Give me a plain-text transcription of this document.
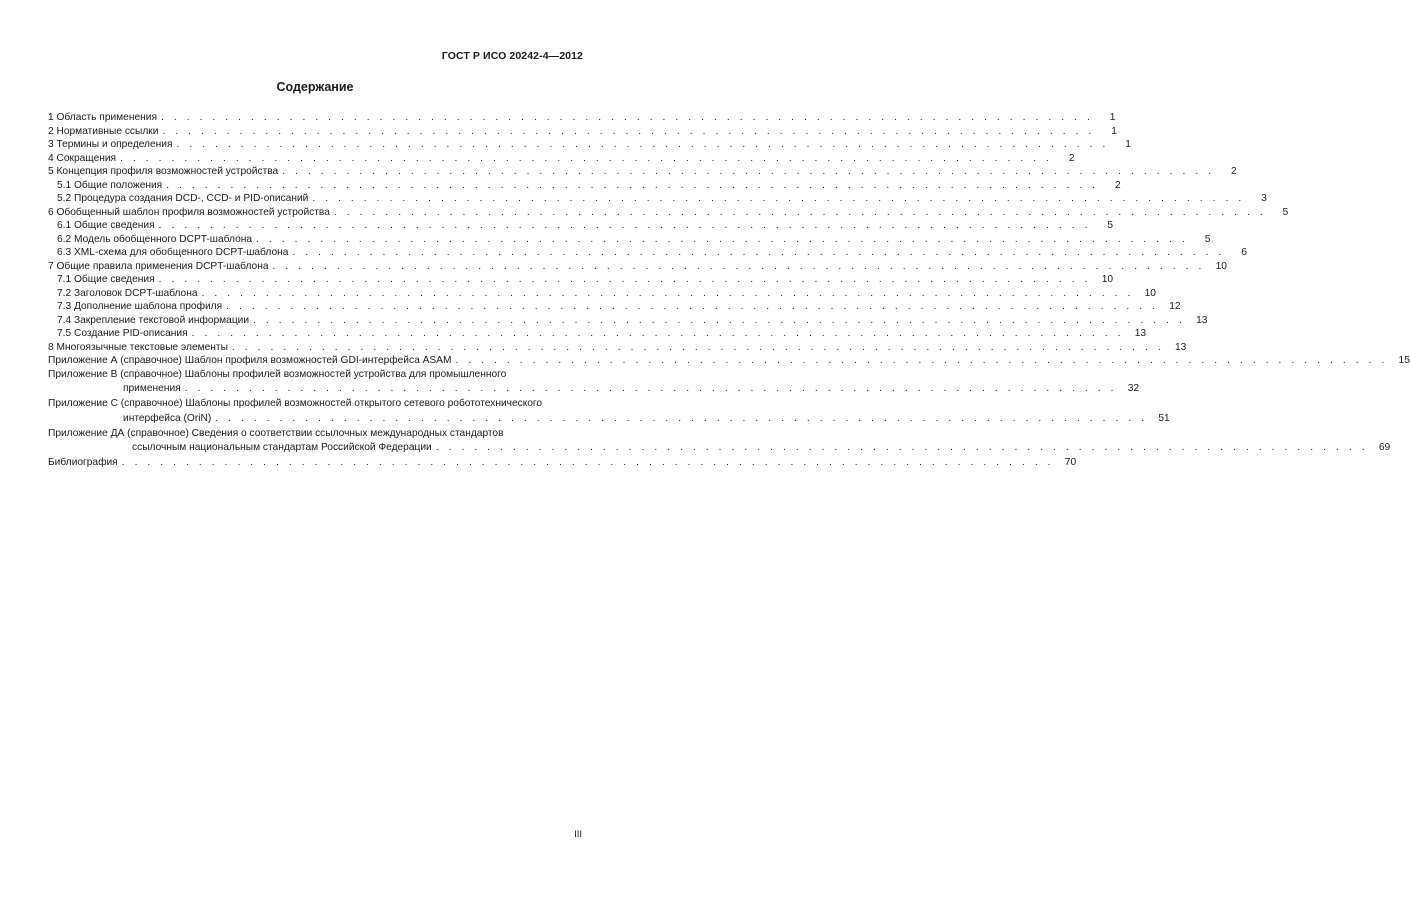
ГОСТ Р ИСО 20242-4—2012
Содержание
1 Область применения . . . . . . . . . . . . . . . . . . . . . . . . . . . . . . . . . . . . . . . . . . . . . . . . . . . . . . . . . . . . . . . . . . . . . . . . .	1
2 Нормативные ссылки . . . . . . . . . . . . . . . . . . . . . . . . . . . . . . . . . . . . . . . . . . . . . . . . . . . . . . . . . . . . . . . . . . . . . . . . .	1
3 Термины и определения . . . . . . . . . . . . . . . . . . . . . . . . . . . . . . . . . . . . . . . . . . . . . . . . . . . . . . . . . . . . . . . . . . . . . . . . .	1
4 Сокращения . . . . . . . . . . . . . . . . . . . . . . . . . . . . . . . . . . . . . . . . . . . . . . . . . . . . . . . . . . . . . . . . . . . . . . . . .	2
5 Концепция профиля возможностей устройства . . . . . . . . . . . . . . . . . . . . . . . . . . . . . . . . . . . . . . . . . . . . . . . . . . . . . . . . . . . . . . . . . . . . . . . . .	2
5.1 Общие положения . . . . . . . . . . . . . . . . . . . . . . . . . . . . . . . . . . . . . . . . . . . . . . . . . . . . . . . . . . . . . . . . . . . . . . . . .	2
5.2 Процедура создания DCD-, CCD- и PID-описаний . . . . . . . . . . . . . . . . . . . . . . . . . . . . . . . . . . . . . . . . . . . . . . . . . . . . . . . . . . . . . . . . . . . . . . . . .	3
6 Обобщенный шаблон профиля возможностей устройства . . . . . . . . . . . . . . . . . . . . . . . . . . . . . . . . . . . . . . . . . . . . . . . . . . . . . . . . . . . . . . . . . . . . . . . . .	5
6.1 Общие сведения . . . . . . . . . . . . . . . . . . . . . . . . . . . . . . . . . . . . . . . . . . . . . . . . . . . . . . . . . . . . . . . . . . . . . . . . .	5
6.2 Модель обобщенного DCPT-шаблона . . . . . . . . . . . . . . . . . . . . . . . . . . . . . . . . . . . . . . . . . . . . . . . . . . . . . . . . . . . . . . . . . . . . . . . . .	5
6.3 XML-схема для обобщенного DCPT-шаблона . . . . . . . . . . . . . . . . . . . . . . . . . . . . . . . . . . . . . . . . . . . . . . . . . . . . . . . . . . . . . . . . . . . . . . . . .	6
7 Общие правила применения DCPT-шаблона . . . . . . . . . . . . . . . . . . . . . . . . . . . . . . . . . . . . . . . . . . . . . . . . . . . . . . . . . . . . . . . . . . . . . . . . .	10
7.1 Общие сведения . . . . . . . . . . . . . . . . . . . . . . . . . . . . . . . . . . . . . . . . . . . . . . . . . . . . . . . . . . . . . . . . . . . . . . . . .	10
7.2 Заголовок DCPT-шаблона . . . . . . . . . . . . . . . . . . . . . . . . . . . . . . . . . . . . . . . . . . . . . . . . . . . . . . . . . . . . . . . . . . . . . . . . .	10
7.3 Дополнение шаблона профиля . . . . . . . . . . . . . . . . . . . . . . . . . . . . . . . . . . . . . . . . . . . . . . . . . . . . . . . . . . . . . . . . . . . . . . . . .	12
7.4 Закрепление текстовой информации . . . . . . . . . . . . . . . . . . . . . . . . . . . . . . . . . . . . . . . . . . . . . . . . . . . . . . . . . . . . . . . . . . . . . . . . .	13
7.5 Создание PID-описания . . . . . . . . . . . . . . . . . . . . . . . . . . . . . . . . . . . . . . . . . . . . . . . . . . . . . . . . . . . . . . . . . . . . . . . . .	13
8 Многоязычные текстовые элементы . . . . . . . . . . . . . . . . . . . . . . . . . . . . . . . . . . . . . . . . . . . . . . . . . . . . . . . . . . . . . . . . . . . . . . . . .	13
Приложение А (справочное) Шаблон профиля возможностей GDI-интерфейса ASAM . . . . . . . . . . . . . . . . . . . . . . . . . . . . . . . . . . . . . . . . . . . . . . . . . . . . . . . . . . . . . . . . . . . . . . . . .	15
Приложение В (справочное) Шаблоны профилей возможностей устройства для промышленного
применения . . . . . . . . . . . . . . . . . . . . . . . . . . . . . . . . . . . . . . . . . . . . . . . . . . . . . . . . . . . . . . . . . . . . . . . . .	32
Приложение С (справочное) Шаблоны профилей возможностей открытого сетевого робототехнического
интерфейса (OriN) . . . . . . . . . . . . . . . . . . . . . . . . . . . . . . . . . . . . . . . . . . . . . . . . . . . . . . . . . . . . . . . . . . . . . . . . .	51
Приложение ДА (справочное) Сведения о соответствии ссылочных международных стандартов
ссылочным национальным стандартам Российской Федерации . . . . . . . . . . . . . . . . . . . . . . . . . . . . . . . . . . . . . . . . . . . . . . . . . . . . . . . . . . . . . . . . . . . . . . . . .	69
Библиография . . . . . . . . . . . . . . . . . . . . . . . . . . . . . . . . . . . . . . . . . . . . . . . . . . . . . . . . . . . . . . . . . . . . . . . . .	70
III
